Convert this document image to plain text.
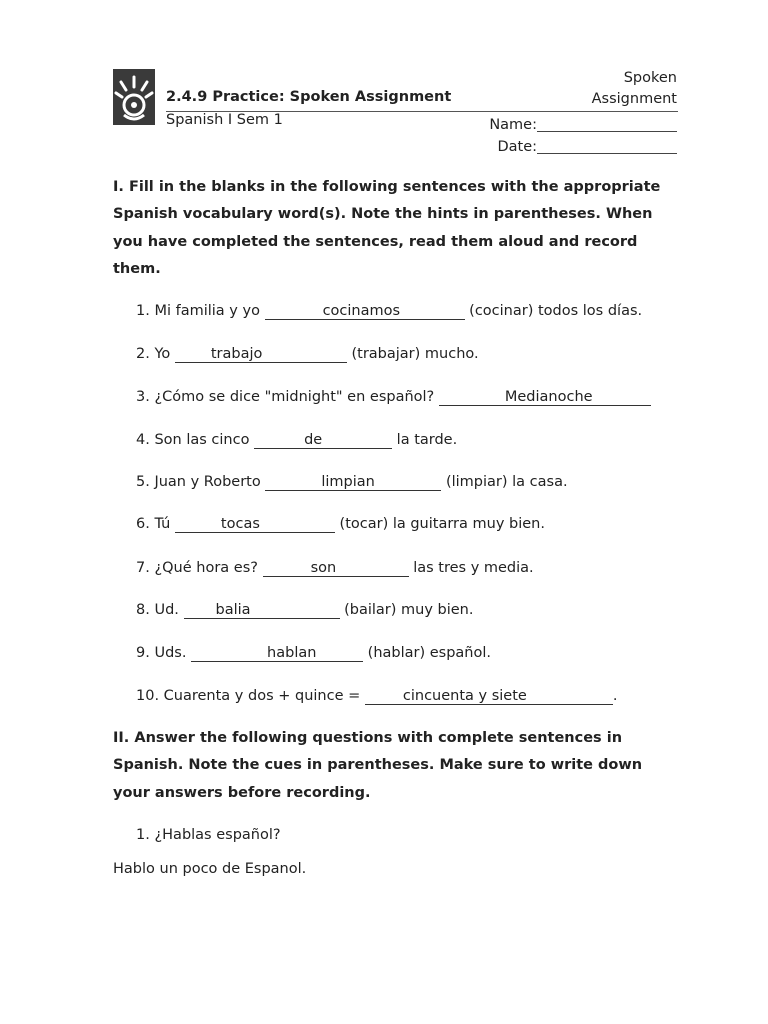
2.4.9 Practice: Spoken Assignment
Spanish I Sem 1
Spoken
Assignment
Name:
Date:
I. Fill in the blanks in the following sentences with the appropriate Spanish vocabulary word(s). Note the hints in parentheses. When you have completed the sentences, read them aloud and record them.
1. Mi familia y yo	cocinamos	(cocinar) todos los días.
2. Yo trabajo	(trabajar) mucho.
3. ¿Cómo se dice "midnight" en español?	Medianoche
4. Son las cinco	de	la tarde.
5. Juan y Roberto	limpian	(limpiar) la casa.
6. Tú	tocas	(tocar) la guitarra muy bien.
7. ¿Qué hora es?	son	las tres y media.
8. Ud. balia	(bailar) muy bien.
9. Uds.	hablan	(hablar) español.
10. Cuarenta y dos + quince =	cincuenta y siete	.
II. Answer the following questions with complete sentences in Spanish. Note the cues in parentheses. Make sure to write down your answers before recording.
1. ¿Hablas español?
Hablo un poco de Espanol.
